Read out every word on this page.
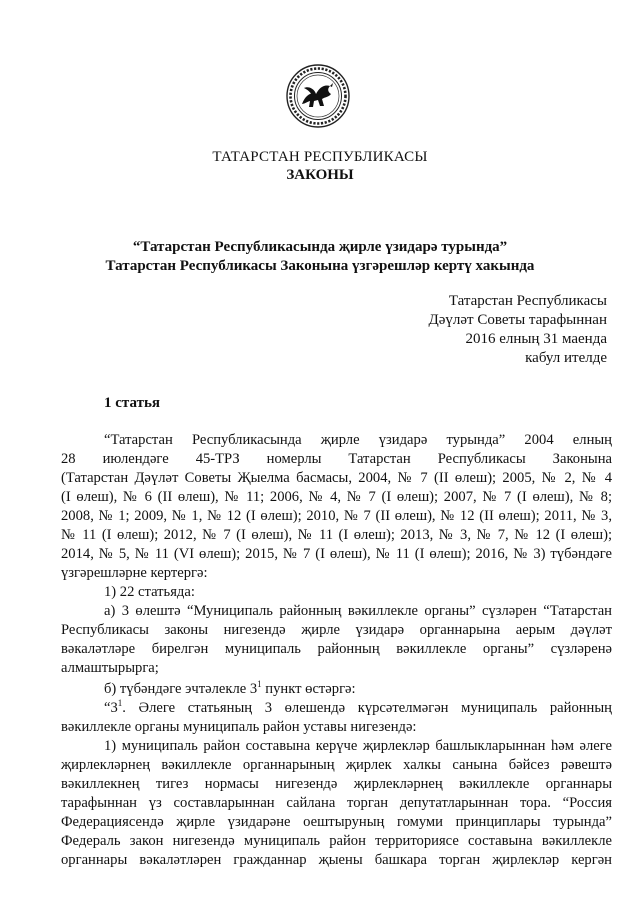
ТАТАРСТАН РЕСПУБЛИКАСЫ
ЗАКОНЫ
“Татарстан Республикасында җирле үзидарә турында”
Татарстан Республикасы Законына үзгәрешләр кертү хакында
Татарстан Республикасы
Дәүләт Советы тарафыннан
2016 елның 31 маенда
кабул ителде
1 статья
“Татарстан Республикасында җирле үзидарә турында” 2004 елның
28 июлендәге 45-ТРЗ номерлы Татарстан Республикасы Законына
(Татарстан Дәүләт Советы Җыелма басмасы, 2004, № 7 (II өлеш); 2005, № 2, № 4
(I өлеш), № 6 (II өлеш), № 11; 2006, № 4, № 7 (I өлеш); 2007, № 7 (I өлеш), № 8;
2008, № 1; 2009, № 1, № 12 (I өлеш); 2010, № 7 (II өлеш), № 12 (II өлеш); 2011, № 3,
№ 11 (I өлеш); 2012, № 7 (I өлеш), № 11 (I өлеш); 2013, № 3, № 7, № 12 (I өлеш);
2014, № 5, № 11 (VI өлеш); 2015, № 7 (I өлеш), № 11 (I өлеш); 2016, № 3) түбәндәге
үзгәрешләрне кертергә:
1) 22 статьяда:
а) 3 өлештә “Муниципаль районның вәкиллекле органы” сүзләрен “Татарстан
Республикасы законы нигезендә җирле үзидарә органнарына аерым дәүләт
вәкаләтләре бирелгән муниципаль районның вәкиллекле органы” сүзләренә
алмаштырырга;
б) түбәндәге эчтәлекле $3^1$ пункт өстәргә:
“$3^1$. Әлеге статьяның 3 өлешендә күрсәтелмәгән муниципаль районның
вәкиллекле органы муниципаль район уставы нигезендә:
1) муниципаль район составына керүче җирлекләр башлыкларыннан һәм әлеге
җирлекләрнең вәкиллекле органнарының җирлек халкы санына бәйсез рәвештә
вәкиллекнең тигез нормасы нигезендә җирлекләрнең вәкиллекле органнары
тарафыннан үз составларыннан сайлана торган депутатларыннан тора. “Россия
Федерациясендә җирле үзидарәне оештыруның гомуми принциплары турында”
Федераль закон нигезендә муниципаль район территориясе составына вәкиллекле
органнары вәкаләтләрен гражданнар җыены башкара торган җирлекләр кергән
